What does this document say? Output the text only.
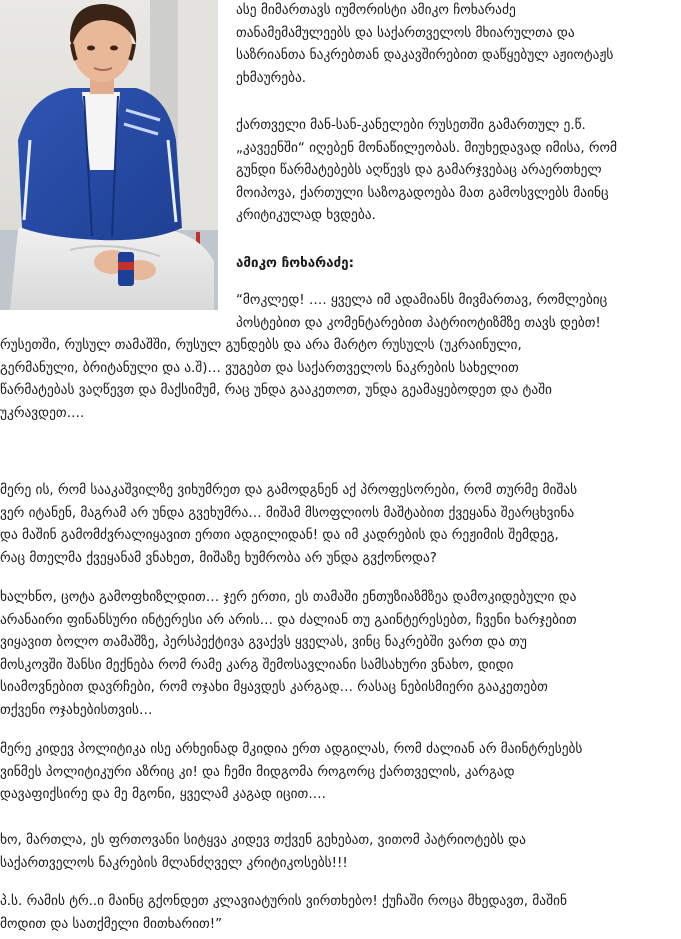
ასე მიმართავს იუმორისტი ამიკო ჩოხარაძე
თანამემამულეებს და საქართველოს მხიარულთა და
საზრიანთა ნაკრებთან დაკავშირებით დაწყებულ აჟიოტაჟს
ეხმაურება.
ქართველი მან-სან-კანელები რუსეთში გამართულ ე.წ.
„კავეენში“ იღებენ მონაწილეობას. მიუხედავად იმისა, რომ
გუნდი წარმატებებს აღწევს და გამარჯვებაც არაერთხელ
მოიპოვა, ქართული საზოგადოება მათ გამოსვლებს მაინც
კრიტიკულად ხვდება.
ამიკო ჩოხარაძე:
“მოკლედ! …. ყველა იმ ადამიანს მივმართავ, რომლებიც
პოსტებით და კომენტარებით პატრიოტიზმზე თავს დებთ!
რუსეთში, რუსულ თამაშში, რუსულ გუნდებს და არა მარტო რუსულს (უკრაინული,
გერმანული, ბრიტანული და ა.შ)… ვუგებთ და საქართველოს ნაკრების სახელით
წარმატებას ვაღწევთ და მაქსიმუმ, რაც უნდა გააკეთოთ, უნდა გეამაყებოდეთ და ტაში
უკრავდეთ….
მერე ის, რომ სააკაშვილზე ვიხუმრეთ და გამოდგნენ აქ პროფესორები, რომ თურმე მიშას
ვერ იტანენ, მაგრამ არ უნდა გვეხუმრა… მიშამ მსოფლიოს მაშტაბით ქვეყანა შეარცხვინა
და მაშინ გამომძვრალიყავით ერთი ადგილიდან! და იმ კადრების და რეჟიმის შემდეგ,
რაც მთელმა ქვეყანამ ვნახეთ, მიშაზე ხუმრობა არ უნდა გვქონოდა?
ხალხნო, ცოტა გამოფხიზლდით… ჯერ ერთი, ეს თამაში ენთუზიაზმზეა დამოკიდებული და
არანაირი ფინანსური ინტერესი არ არის… და ძალიან თუ გაინტერესებთ, ჩვენი ხარჯებით
ვიყავით ბოლო თამაშზე, პერსპექტივა გვაქვს ყველას, ვინც ნაკრებში ვართ და თუ
მოსკოვში შანსი მექნება რომ რამე კარგ შემოსავლიანი სამსახური ვნახო, დიდი
სიამოვნებით დავრჩები, რომ ოჯახი მყავდეს კარგად… რასაც ნებისმიერი გააკეთებთ
თქვენი ოჯახებისთვის…
მერე კიდევ პოლიტიკა ისე არხეინად მკიდია ერთ ადგილას, რომ ძალიან არ მაინტრესებს
ვინმეს პოლიტიკური აზრიც კი! და ჩემი მიდგომა როგორც ქართველის, კარგად
დავაფიქსირე და მე მგონი, ყველამ კაგად იცით….
ხო, მართლა, ეს ფრთოვანი სიტყვა კიდევ თქვენ გეხებათ, ვითომ პატრიოტებს და
საქართველოს ნაკრების მლანძღველ კრიტიკოსებს!!!
პ.ს. რამის ტრ..ი მაინც გქონდეთ კლავიატურის ვირთხებო! ქუჩაში როცა მხედავთ, მაშინ
მოდით და სათქმელი მითხარით!”
